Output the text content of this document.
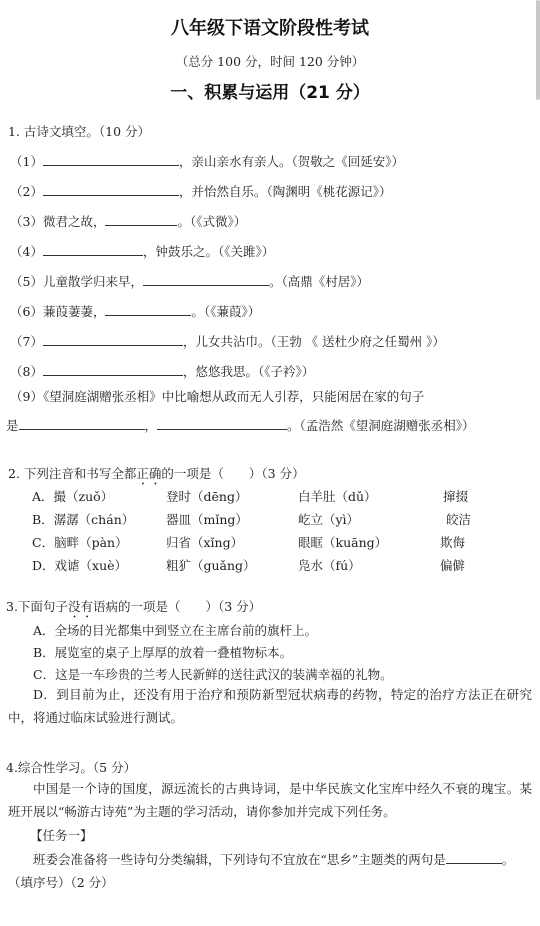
八年级下语文阶段性考试
（总分 100 分，时间 120 分钟）
一、积累与运用（21 分）
1. 古诗文填空。（10 分）
（1）	，亲山亲水有亲人。（贺敬之《回延安》）
（2）	，并怡然自乐。（陶渊明《桃花源记》）
（3）微君之故，	。（《式微》）
（4）	，钟鼓乐之。（《关雎》）
（5）儿童散学归来早，	。（高鼎《村居》）
（6）蒹葭萋萋，	。（《蒹葭》）
（7）	，儿女共沾巾。（王勃 《 送杜少府之任蜀州 》）
（8）	，悠悠我思。（《子衿》）
（9）《望洞庭湖赠张丞相》中比喻想从政而无人引荐，只能闲居在家的句子
是	，	。（孟浩然《望洞庭湖赠张丞相》）
2. 下列注音和书写全都正确的一项是（　　）（3 分）
A．撮（zuǒ）	登时（dēng）	白羊肚（dǔ）	撺掇
B．潺潺（chán）	器皿（mǐng）	屹立（yì）	皎洁
C．脑畔（pàn）	归省（xǐng）	眼眶（kuāng）	欺侮
D．戏谑（xuè）	粗犷（guǎng）	凫水（fú）	偏僻
3.下面句子没有语病的一项是（　　）（3 分）
A．全场的目光都集中到竖立在主席台前的旗杆上。
B．展览室的桌子上厚厚的放着一叠植物标本。
C．这是一车珍贵的兰考人民新鲜的送往武汉的装满幸福的礼物。
D．到目前为止，还没有用于治疗和预防新型冠状病毒的药物，特定的治疗方法正在研究中，将通过临床试验进行测试。
4.综合性学习。（5 分）
中国是一个诗的国度，源远流长的古典诗词，是中华民族文化宝库中经久不衰的瑰宝。某班开展以“畅游古诗苑”为主题的学习活动，请你参加并完成下列任务。
【任务一】
班委会准备将一些诗句分类编辑，下列诗句不宜放在“思乡”主题类的两句是	。
（填序号）（2 分）
